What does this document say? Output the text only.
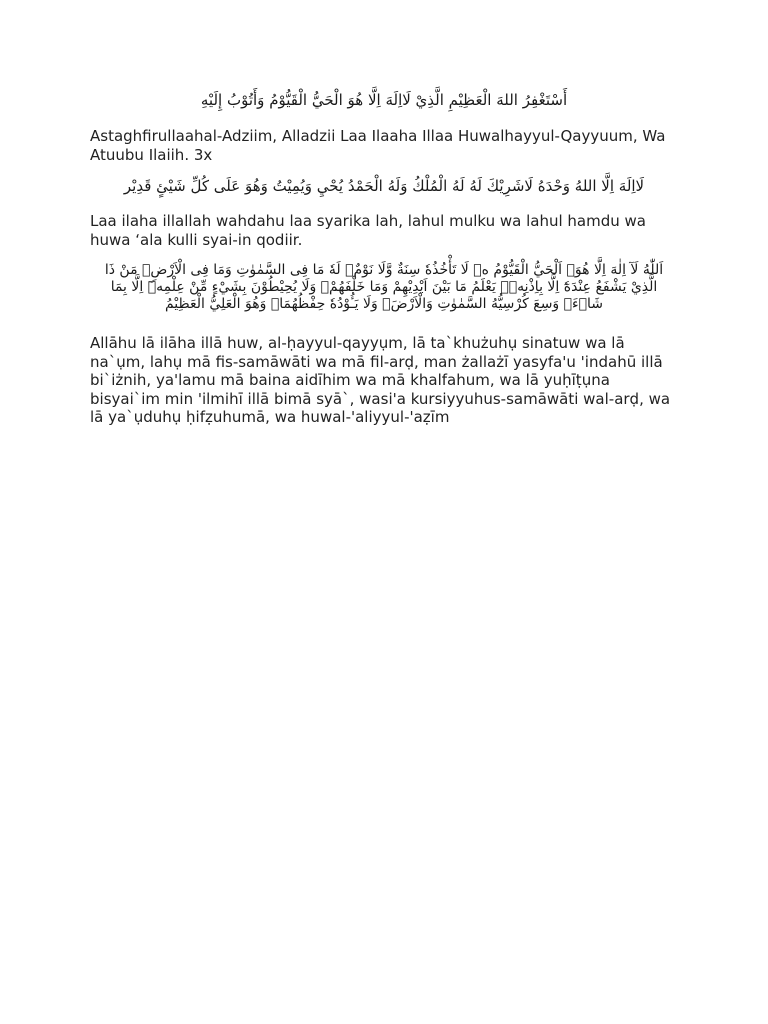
أَسْتَغْفِرُ اللهَ الْعَظِيْمِ الَّذِيْ لَااِلَهَ اِلَّا هُوَ الْحَيُّ الْقَيُّوْمُ وَأَتُوْبُ إِلَيْهِ

Astaghfirullaahal-Adziim, Alladzii Laa Ilaaha Illaa Huwalhayyul-Qayyuum, Wa Atuubu Ilaiih. 3x

لَااِلَهَ اِلَّا اللهُ وَحْدَهُ لَاشَرِيْكَ لَهُ لَهُ الْمُلْكُ وَلَهُ الْحَمْدُ يُحْيِ وَيُمِيْتُ وَهُوَ عَلَى كُلِّ شَيْئٍ قَدِيْر

Laa ilaha illallah wahdahu laa syarika lah, lahul mulku wa lahul hamdu wa huwa ‘ala kulli syai-in qodiir.

اَللّٰهُ لَآ اِلٰهَ اِلَّا هُوَۚ اَلْحَيُّ الْقَيُّوْمُ ەۚ لَا تَأْخُذُهٗ سِنَةٌ وَّلَا نَوْمٌۗ لَهٗ مَا فِى السَّمٰوٰتِ وَمَا فِى الْاَرْضِۗ مَنْ ذَا الَّذِيْ يَشْفَعُ عِنْدَهٗٓ اِلَّا بِاِذْنِهٖۗ يَعْلَمُ مَا بَيْنَ اَيْدِيْهِمْ وَمَا خَلْفَهُمْۚ وَلَا يُحِيْطُوْنَ بِشَيْءٍ مِّنْ عِلْمِهٖٓ اِلَّا بِمَا شَاۤءَۚ وَسِعَ كُرْسِيُّهُ السَّمٰوٰتِ وَالْاَرْضَۚ وَلَا يَـُٔوْدُهٗ حِفْظُهُمَاۚ وَهُوَ الْعَلِيُّ الْعَظِيْمُ

Allāhu lā ilāha illā huw, al-ḥayyul-qayyụm, lā ta`khużuhụ sinatuw wa lā na`ụm, lahụ mā fis-samāwāti wa mā fil-arḍ, man żallażī yasyfa'u 'indahū illā bi`iżnih, ya'lamu mā baina aidīhim wa mā khalfahum, wa lā yuḥīṭụna bisyai`im min 'ilmihī illā bimā syā`, wasi'a kursiyyuhus-samāwāti wal-arḍ, wa lā ya`ụduhụ ḥifẓuhumā, wa huwal-'aliyyul-'aẓīm
